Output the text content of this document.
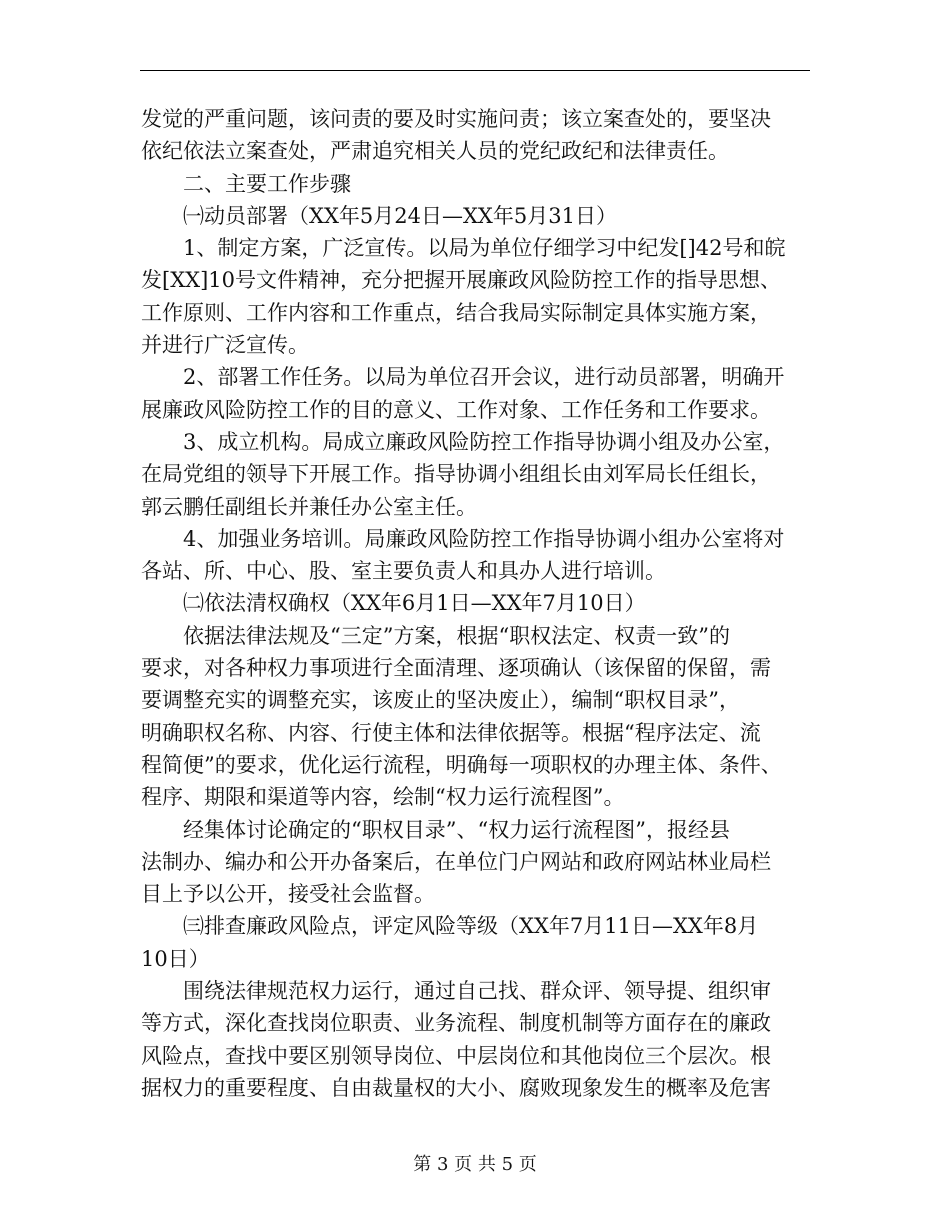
发觉的严重问题，该问责的要及时实施问责；该立案查处的，要坚决
依纪依法立案查处，严肃追究相关人员的党纪政纪和法律责任。
二、主要工作步骤
㈠动员部署（XX年5月24日—XX年5月31日）
1、制定方案，广泛宣传。以局为单位仔细学习中纪发[]42号和皖
发[XX]10号文件精神，充分把握开展廉政风险防控工作的指导思想、
工作原则、工作内容和工作重点，结合我局实际制定具体实施方案，
并进行广泛宣传。
2、部署工作任务。以局为单位召开会议，进行动员部署，明确开
展廉政风险防控工作的目的意义、工作对象、工作任务和工作要求。
3、成立机构。局成立廉政风险防控工作指导协调小组及办公室，
在局党组的领导下开展工作。指导协调小组组长由刘军局长任组长，
郭云鹏任副组长并兼任办公室主任。
4、加强业务培训。局廉政风险防控工作指导协调小组办公室将对
各站、所、中心、股、室主要负责人和具办人进行培训。
㈡依法清权确权（XX年6月1日—XX年7月10日）
依据法律法规及“三定”方案，根据“职权法定、权责一致”的
要求，对各种权力事项进行全面清理、逐项确认（该保留的保留，需
要调整充实的调整充实，该废止的坚决废止），编制“职权目录”，
明确职权名称、内容、行使主体和法律依据等。根据“程序法定、流
程简便”的要求，优化运行流程，明确每一项职权的办理主体、条件、
程序、期限和渠道等内容，绘制“权力运行流程图”。
经集体讨论确定的“职权目录”、“权力运行流程图”，报经县
法制办、编办和公开办备案后，在单位门户网站和政府网站林业局栏
目上予以公开，接受社会监督。
㈢排查廉政风险点，评定风险等级（XX年7月11日—XX年8月
10日）
围绕法律规范权力运行，通过自己找、群众评、领导提、组织审
等方式，深化查找岗位职责、业务流程、制度机制等方面存在的廉政
风险点，查找中要区别领导岗位、中层岗位和其他岗位三个层次。根
据权力的重要程度、自由裁量权的大小、腐败现象发生的概率及危害
第 3 页 共 5 页
